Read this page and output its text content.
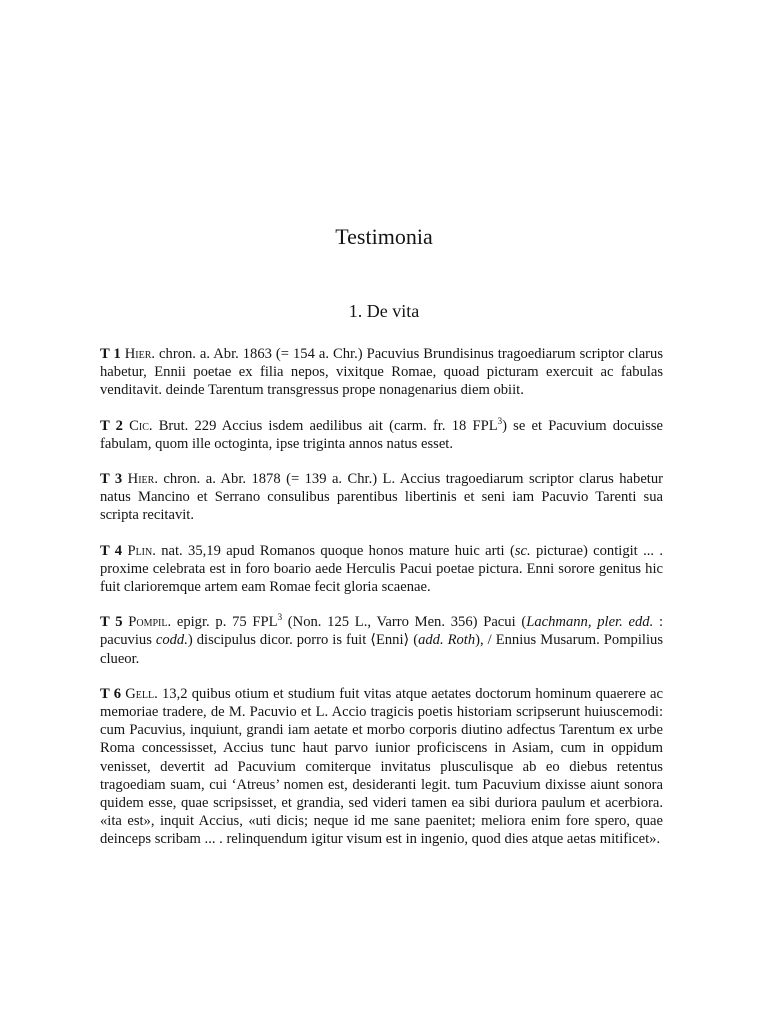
Testimonia
1. De vita

T 1 Hier. chron. a. Abr. 1863 (= 154 a. Chr.) Pacuvius Brundisinus tragoediarum scriptor clarus habetur, Ennii poetae ex filia nepos, vixitque Romae, quoad picturam exercuit ac fabulas venditavit. deinde Tarentum transgressus prope nonagenarius diem obiit.

T 2 Cic. Brut. 229 Accius isdem aedilibus ait (carm. fr. 18 FPL$^3$) se et Pacuvium docuisse fabulam, quom ille octoginta, ipse triginta annos natus esset.

T 3 Hier. chron. a. Abr. 1878 (= 139 a. Chr.) L. Accius tragoediarum scriptor clarus habetur natus Mancino et Serrano consulibus parentibus libertinis et seni iam Pacuvio Tarenti sua scripta recitavit.

T 4 Plin. nat. 35,19 apud Romanos quoque honos mature huic arti (sc. picturae) contigit ... . proxime celebrata est in foro boario aede Herculis Pacui poetae pictura. Enni sorore genitus hic fuit clarioremque artem eam Romae fecit gloria scaenae.

T 5 Pompil. epigr. p. 75 FPL$^3$ (Non. 125 L., Varro Men. 356) Pacui (Lachmann, pler. edd. : pacuvius codd.) discipulus dicor. porro is fuit ⟨Enni⟩ (add. Roth), / Ennius Musarum. Pompilius clueor.

T 6 Gell. 13,2 quibus otium et studium fuit vitas atque aetates doctorum hominum quaerere ac memoriae tradere, de M. Pacuvio et L. Accio tragicis poetis historiam scripserunt huiuscemodi: cum Pacuvius, inquiunt, grandi iam aetate et morbo corporis diutino adfectus Tarentum ex urbe Roma concessisset, Accius tunc haut parvo iunior proficiscens in Asiam, cum in oppidum venisset, devertit ad Pacuvium comiterque invitatus plusculisque ab eo diebus retentus tragoediam suam, cui ‘Atreus’ nomen est, desideranti legit. tum Pacuvium dixisse aiunt sonora quidem esse, quae scripsisset, et grandia, sed videri tamen ea sibi duriora paulum et acerbiora. «ita est», inquit Accius, «uti dicis; neque id me sane paenitet; meliora enim fore spero, quae deinceps scribam ... . relinquendum igitur visum est in ingenio, quod dies atque aetas mitificet».
